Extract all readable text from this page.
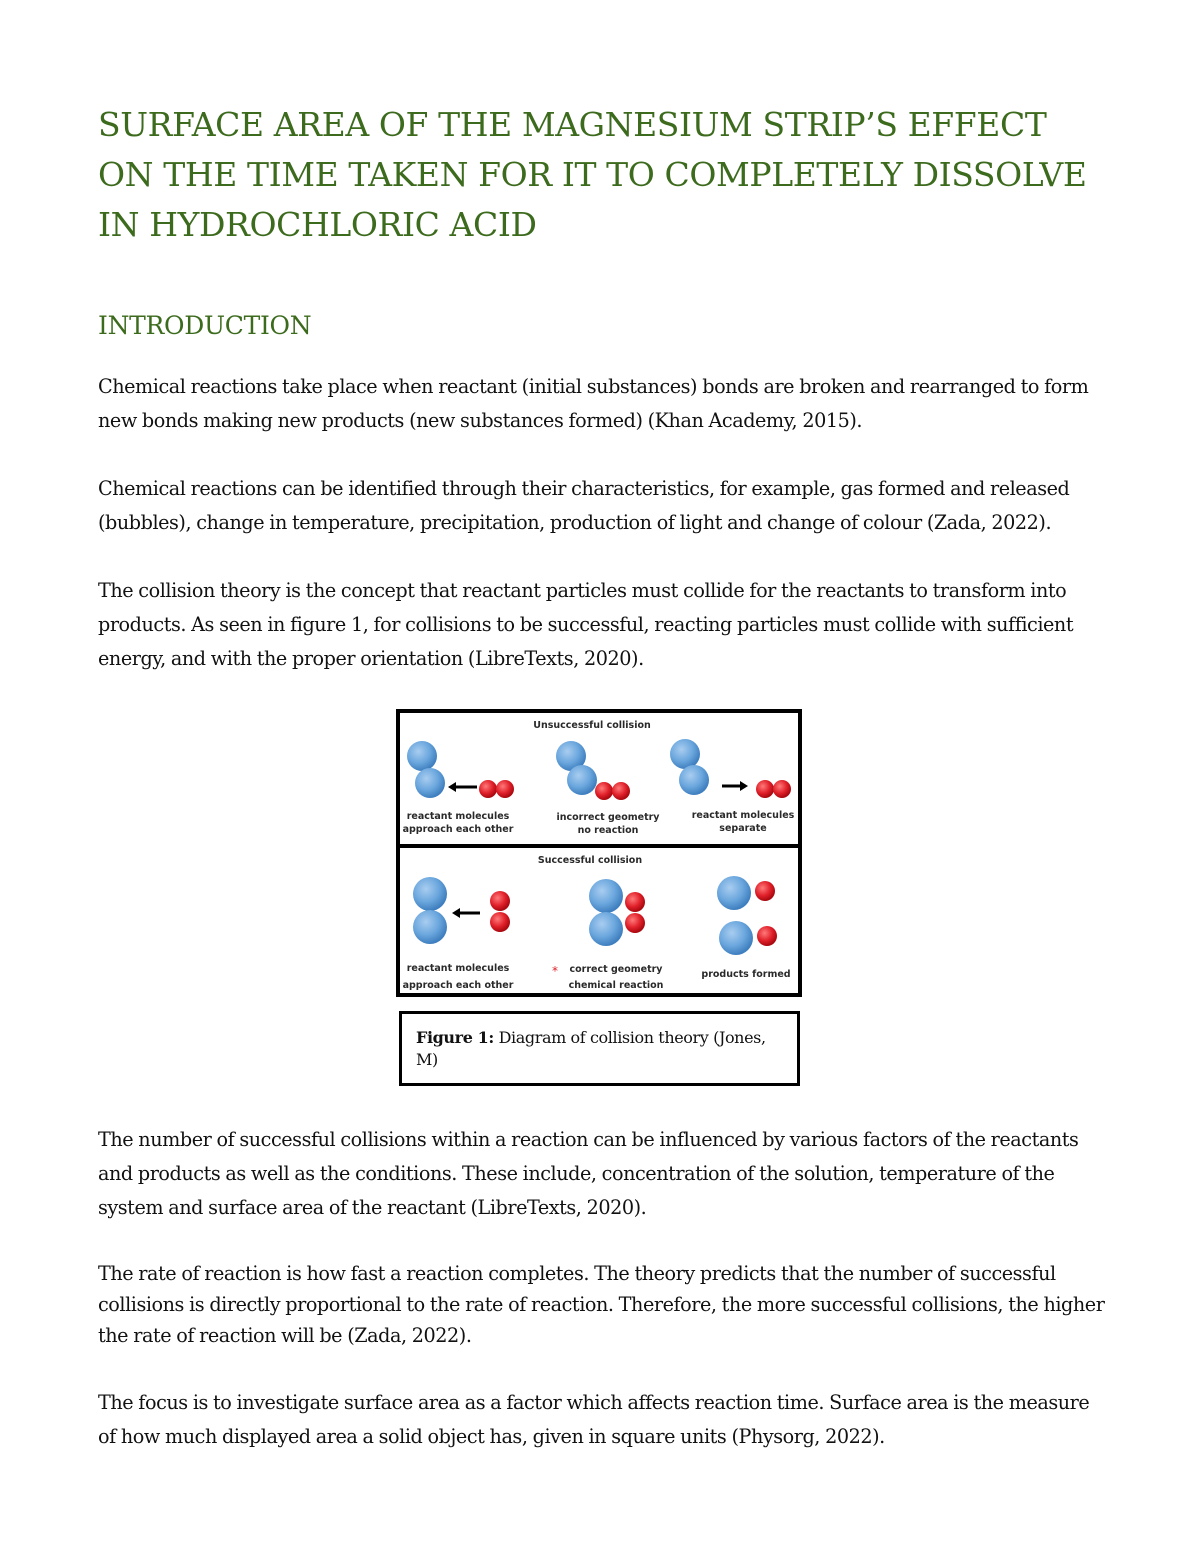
SURFACE AREA OF THE MAGNESIUM STRIP’S EFFECT ON THE TIME TAKEN FOR IT TO COMPLETELY DISSOLVE IN HYDROCHLORIC ACID
INTRODUCTION

Chemical reactions take place when reactant (initial substances) bonds are broken and rearranged to form new bonds making new products (new substances formed) (Khan Academy, 2015).

Chemical reactions can be identified through their characteristics, for example, gas formed and released (bubbles), change in temperature, precipitation, production of light and change of colour (Zada, 2022).

The collision theory is the concept that reactant particles must collide for the reactants to transform into products. As seen in figure 1, for collisions to be successful, reacting particles must collide with sufficient energy, and with the proper orientation (LibreTexts, 2020).

Unsuccessful collision
reactant molecules
approach each other
incorrect geometry
no reaction
reactant molecules
separate
Successful collision
reactant molecules
approach each other
* correct geometry
chemical reaction
products formed
Figure 1: Diagram of collision theory (Jones, M)

The number of successful collisions within a reaction can be influenced by various factors of the reactants and products as well as the conditions. These include, concentration of the solution, temperature of the system and surface area of the reactant (LibreTexts, 2020).

The rate of reaction is how fast a reaction completes. The theory predicts that the number of successful collisions is directly proportional to the rate of reaction. Therefore, the more successful collisions, the higher the rate of reaction will be (Zada, 2022).

The focus is to investigate surface area as a factor which affects reaction time. Surface area is the measure of how much displayed area a solid object has, given in square units (Physorg, 2022).
